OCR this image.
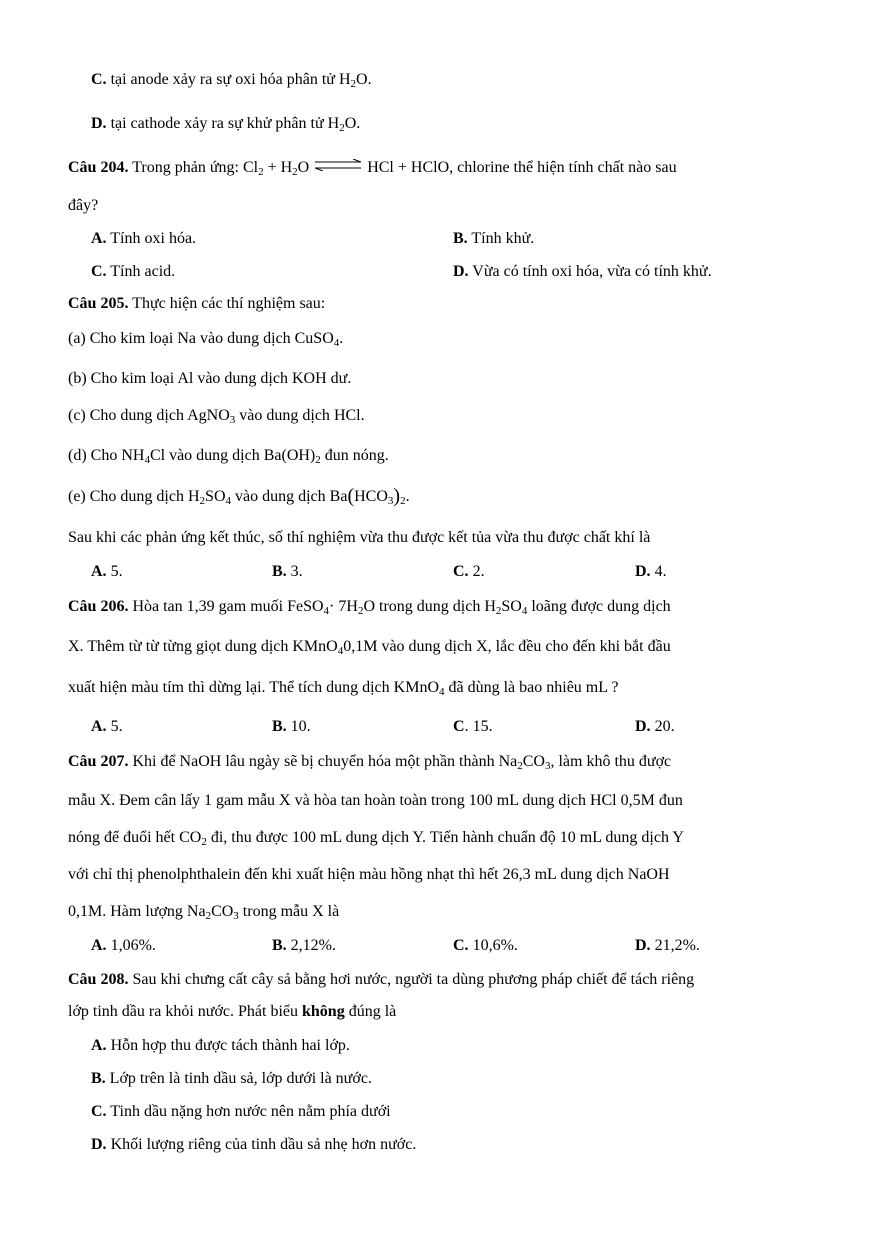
C. tại anode xảy ra sự oxi hóa phân tử $H_2O$.
D. tại cathode xảy ra sự khử phân tử $H_2O$.
Câu 204. Trong phản ứng: $Cl_2 + H_2O$ ⇌ HCl + HClO, chlorine thể hiện tính chất nào sau
đây?
A. Tính oxi hóa.	B. Tính khử.
C. Tính acid.	D. Vừa có tính oxi hóa, vừa có tính khử.
Câu 205. Thực hiện các thí nghiệm sau:
(a) Cho kim loại Na vào dung dịch CuSO$_4$.
(b) Cho kim loại Al vào dung dịch KOH dư.
(c) Cho dung dịch AgNO$_3$ vào dung dịch HCl.
(d) Cho $NH_4Cl$ vào dung dịch $Ba(OH)_2$ đun nóng.
(e) Cho dung dịch $H_2SO_4$ vào dung dịch $Ba(HCO_3)_2$.
Sau khi các phản ứng kết thúc, số thí nghiệm vừa thu được kết tủa vừa thu được chất khí là
A. 5.	B. 3.	C. 2.	D. 4.
Câu 206. Hòa tan 1,39 gam muối FeSO$_4$· $7H_2O$ trong dung dịch $H_2SO_4$ loãng được dung dịch
X. Thêm từ từ từng giọt dung dịch KMnO$_4$0,1M vào dung dịch X, lắc đều cho đến khi bắt đầu
xuất hiện màu tím thì dừng lại. Thể tích dung dịch KMnO$_4$ đã dùng là bao nhiêu mL ?
A. 5.	B. 10.	C. 15.	D. 20.
Câu 207. Khi để NaOH lâu ngày sẽ bị chuyển hóa một phần thành $Na_2CO_3$, làm khô thu được
mẫu X. Đem cân lấy 1 gam mẫu X và hòa tan hoàn toàn trong 100 mL dung dịch HCl 0,5M đun
nóng để đuổi hết $CO_2$ đi, thu được 100 mL dung dịch Y. Tiến hành chuẩn độ 10 mL dung dịch Y
với chỉ thị phenolphthalein đến khi xuất hiện màu hồng nhạt thì hết 26,3 mL dung dịch NaOH
0,1M. Hàm lượng $Na_2CO_3$ trong mẫu X là
A. 1,06%.	B. 2,12%.	C. 10,6%.	D. 21,2%.
Câu 208. Sau khi chưng cất cây sả bằng hơi nước, người ta dùng phương pháp chiết để tách riêng
lớp tinh dầu ra khỏi nước. Phát biểu không đúng là
A. Hỗn hợp thu được tách thành hai lớp.
B. Lớp trên là tinh dầu sả, lớp dưới là nước.
C. Tinh dầu nặng hơn nước nên nằm phía dưới
D. Khối lượng riêng của tinh dầu sả nhẹ hơn nước.
